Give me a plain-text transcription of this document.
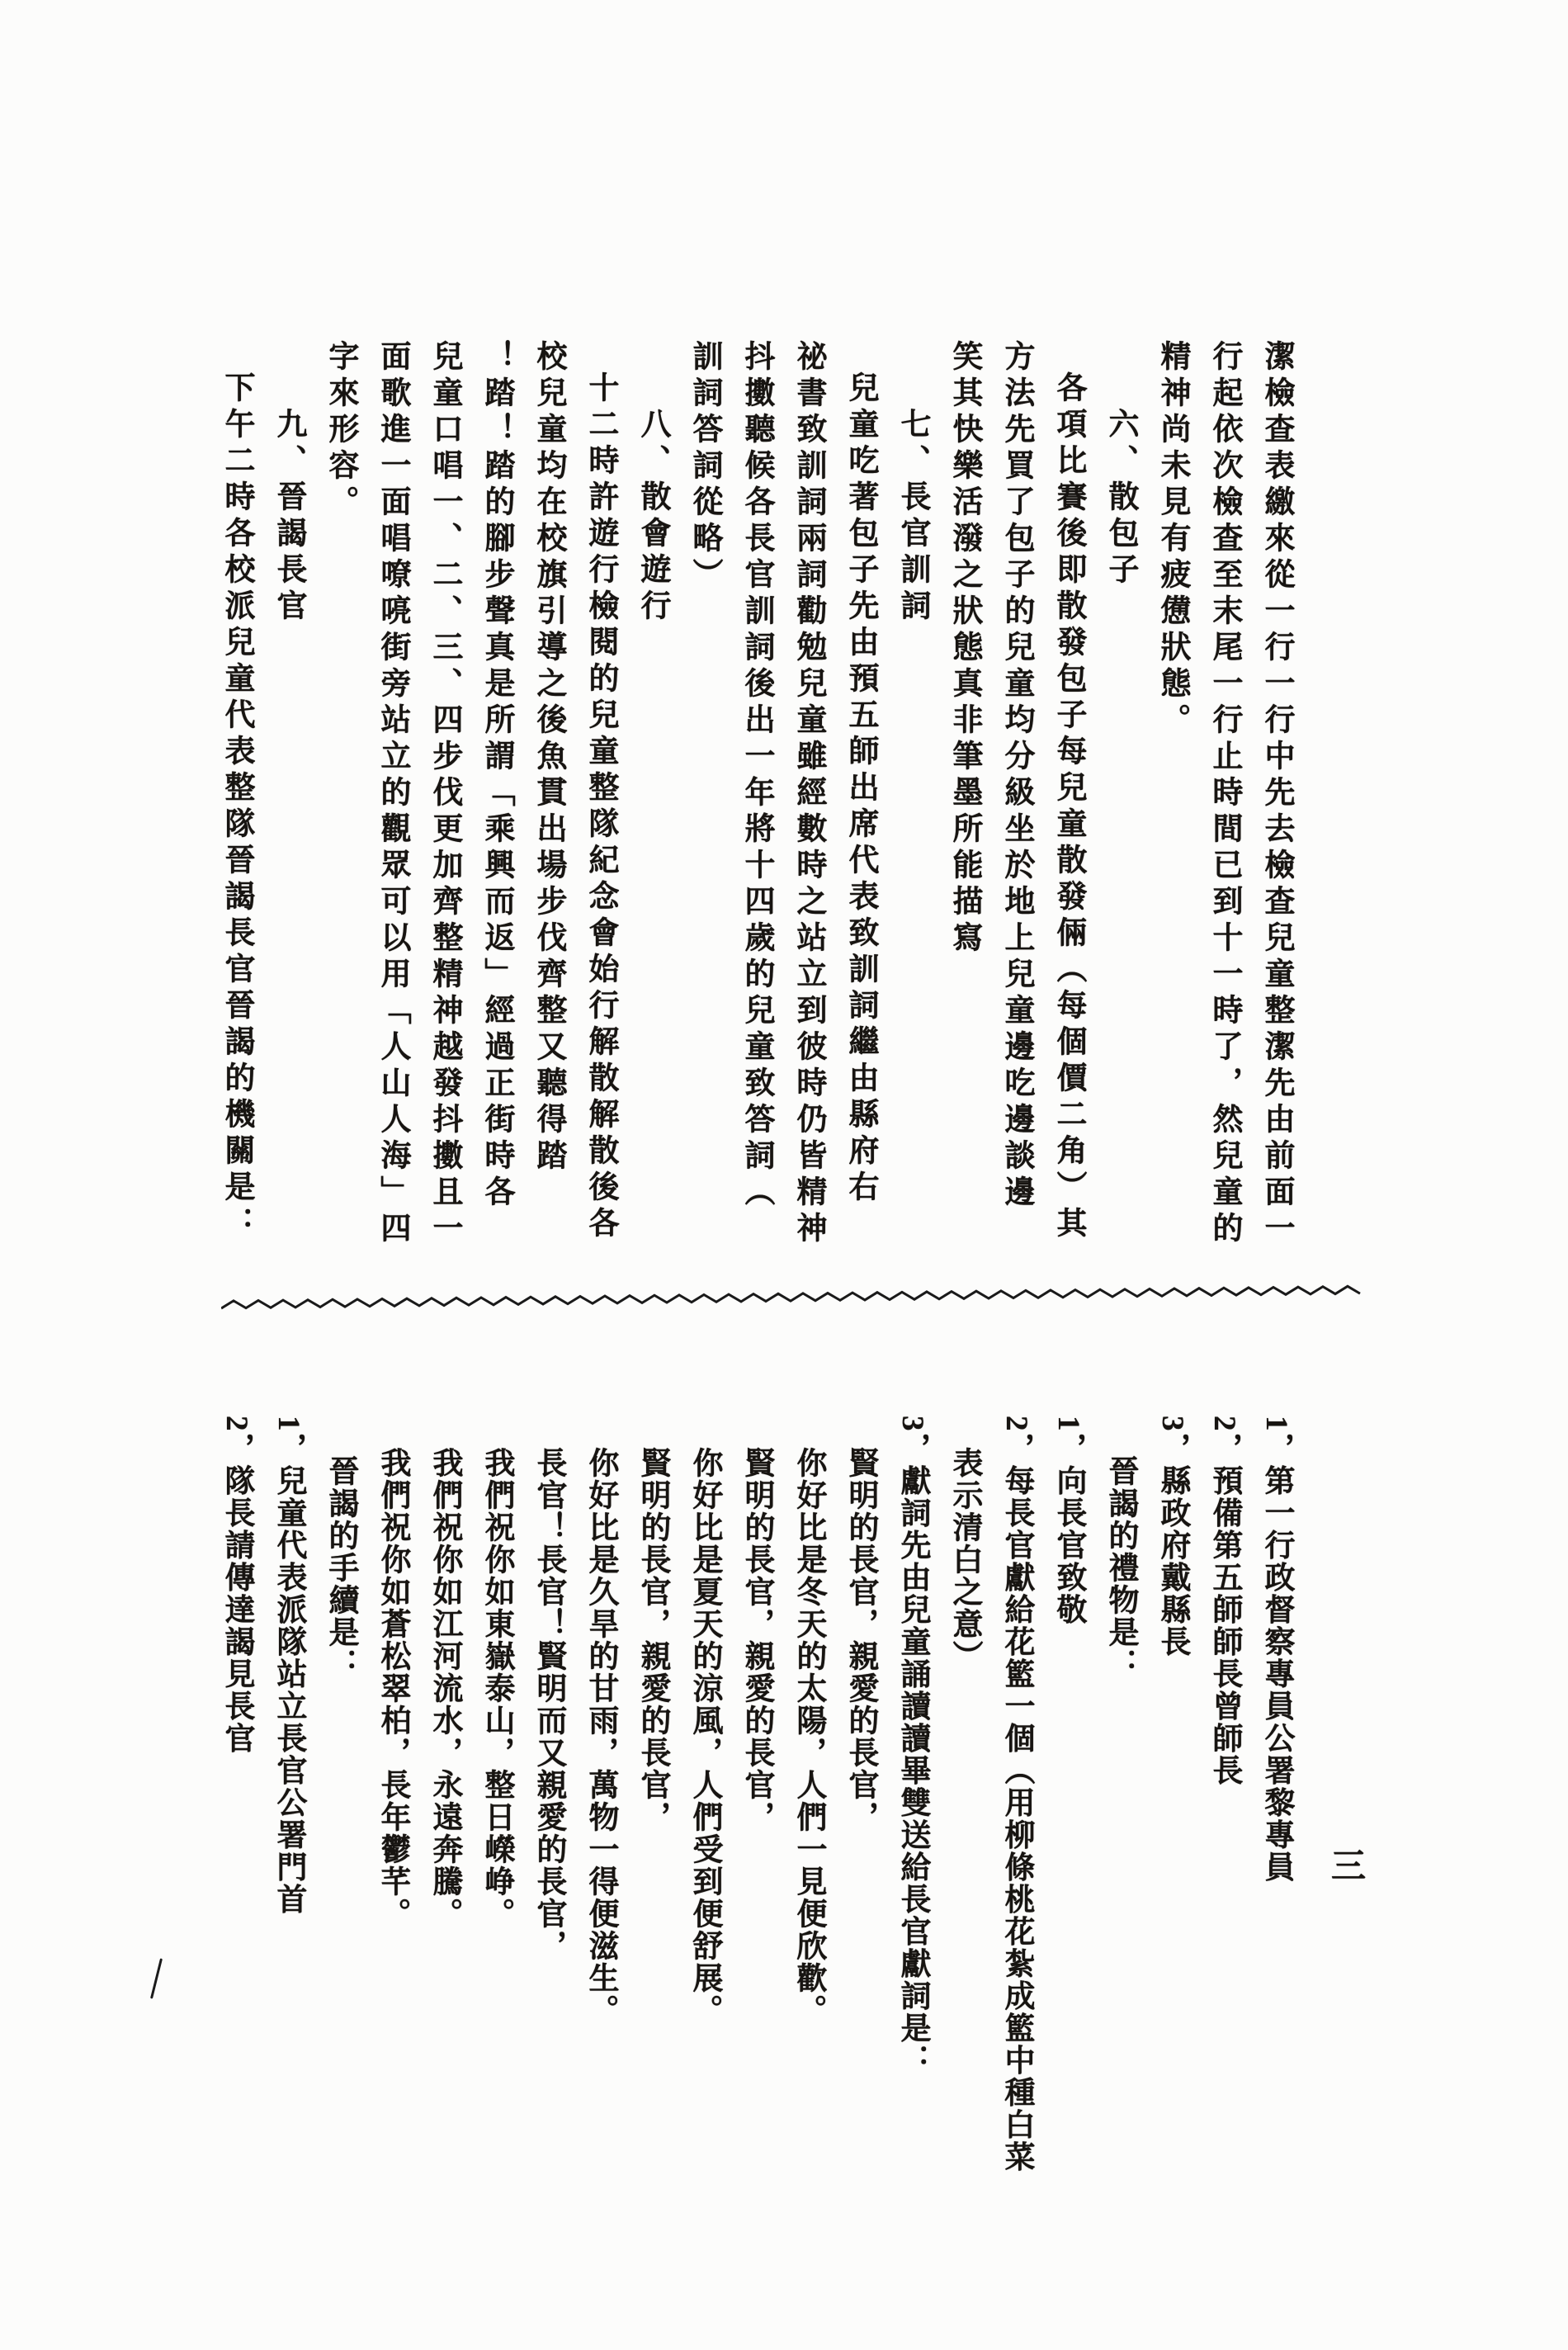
潔檢查表繳來從一行一行中先去檢查兒童整潔先由前面一
行起依次檢查至末尾一行止時間已到十一時了，然兒童的
精神尚未見有疲憊狀態。
六、散包子
各項比賽後即散發包子每兒童散發倆（每個價二角）其
方法先買了包子的兒童均分級坐於地上兒童邊吃邊談邊
笑其快樂活潑之狀態真非筆墨所能描寫
七、長官訓詞
兒童吃著包子先由預五師出席代表致訓詞繼由縣府右
祕書致訓詞兩詞勸勉兒童雖經數時之站立到彼時仍皆精神
抖擻聽候各長官訓詞後出一年將十四歲的兒童致答詞（
訓詞答詞從略）
八、散會遊行
十二時許遊行檢閱的兒童整隊紀念會始行解散解散後各
校兒童均在校旗引導之後魚貫出場步伐齊整又聽得踏
！踏！踏的腳步聲真是所謂「乘興而返」經過正街時各
兒童口唱一、二、三、四步伐更加齊整精神越發抖擻且一
面歌進一面唱嘹喨街旁站立的觀眾可以用「人山人海」四
字來形容。
九、晉謁長官
下午二時各校派兒童代表整隊晉謁長官晉謁的機關是：
1，第一行政督察專員公署黎專員
2，預備第五師師長曾師長
3，縣政府戴縣長
晉謁的禮物是：
1，向長官致敬
2，每長官獻給花籃一個（用柳條桃花紮成籃中種白菜
表示清白之意）
3，獻詞先由兒童誦讀讀畢雙送給長官獻詞是：
賢明的長官，親愛的長官，
你好比是冬天的太陽，人們一見便欣歡。
賢明的長官，親愛的長官，
你好比是夏天的涼風，人們受到便舒展。
賢明的長官，親愛的長官，
你好比是久旱的甘雨，萬物一得便滋生。
長官！長官！賢明而又親愛的長官，
我們祝你如東嶽泰山，整日嶸峥。
我們祝你如江河流水，永遠奔騰。
我們祝你如蒼松翠柏，長年鬱芊。
晉謁的手續是：
1，兒童代表派隊站立長官公署門首
2，隊長請傳達謁見長官
三
